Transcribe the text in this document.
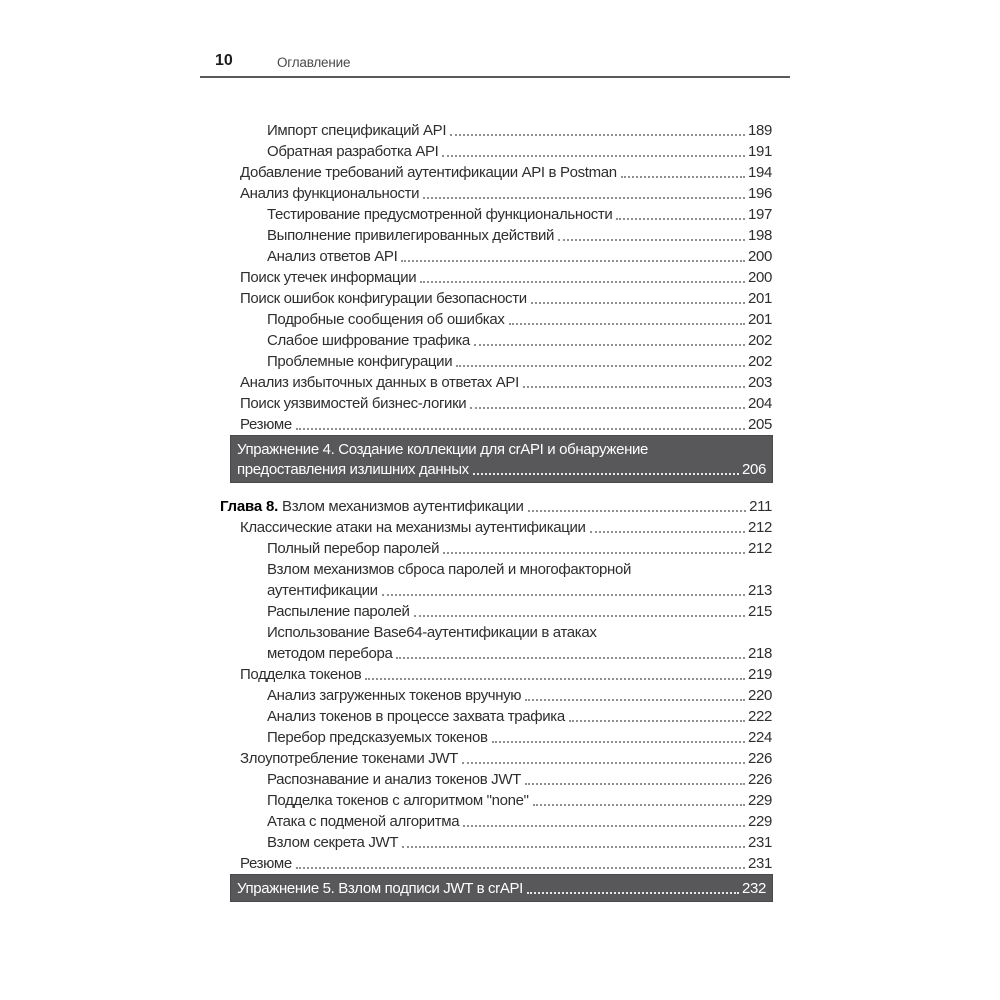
10	Оглавление
Импорт спецификаций API	189
Обратная разработка API	191
Добавление требований аутентификации API в Postman	194
Анализ функциональности	196
Тестирование предусмотренной функциональности	197
Выполнение привилегированных действий	198
Анализ ответов API	200
Поиск утечек информации	200
Поиск ошибок конфигурации безопасности	201
Подробные сообщения об ошибках	201
Слабое шифрование трафика	202
Проблемные конфигурации	202
Анализ избыточных данных в ответах API	203
Поиск уязвимостей бизнес-логики	204
Резюме	205
Упражнение 4. Создание коллекции для crAPI и обнаружение
предоставления излишних данных	206
Глава 8. Взлом механизмов аутентификации	211
Классические атаки на механизмы аутентификации	212
Полный перебор паролей	212
Взлом механизмов сброса паролей и многофакторной
аутентификации	213
Распыление паролей	215
Использование Base64-аутентификации в атаках
методом перебора	218
Подделка токенов	219
Анализ загруженных токенов вручную	220
Анализ токенов в процессе захвата трафика	222
Перебор предсказуемых токенов	224
Злоупотребление токенами JWT	226
Распознавание и анализ токенов JWT	226
Подделка токенов с алгоритмом "none"	229
Атака с подменой алгоритма	229
Взлом секрета JWT	231
Резюме	231
Упражнение 5. Взлом подписи JWT в crAPI	232
